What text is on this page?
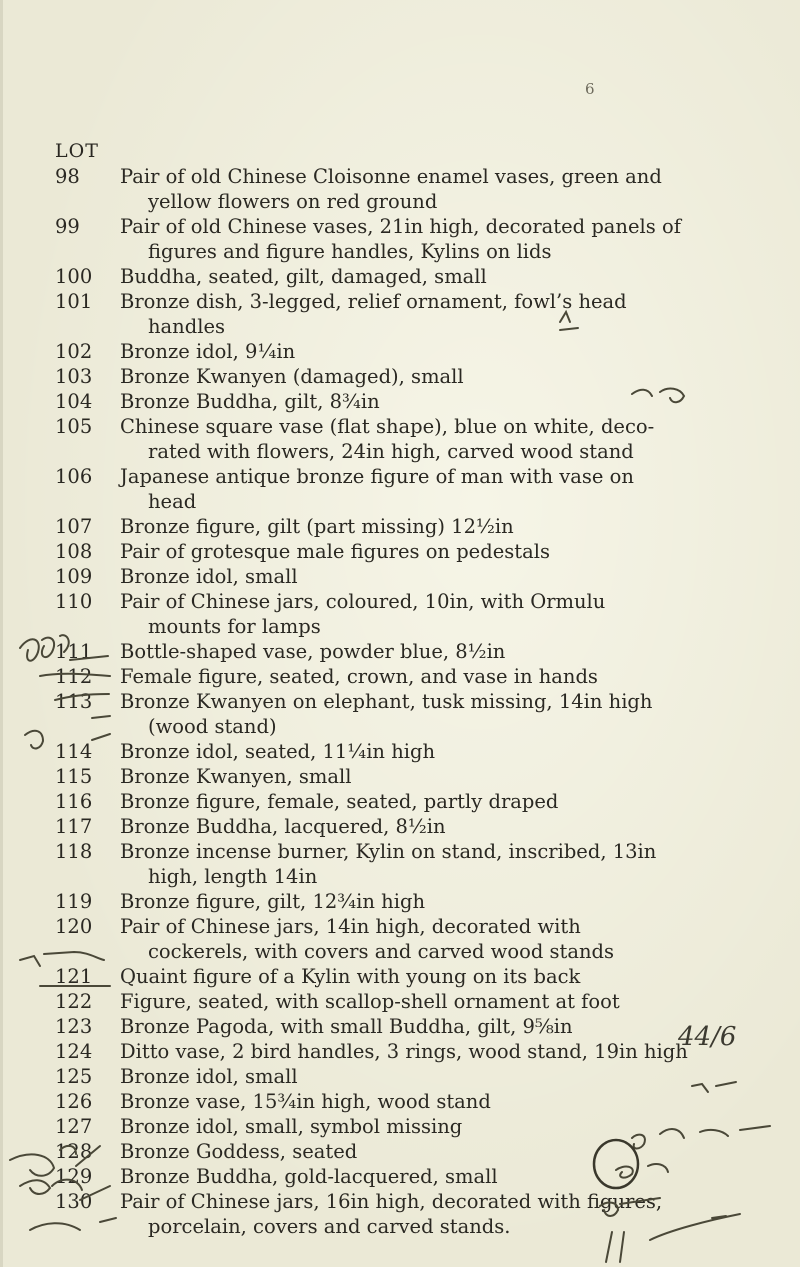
6
LOT
98	Pair of old Chinese Cloisonne enamel vases, green and
yellow flowers on red ground
99	Pair of old Chinese vases, 21in high, decorated panels of
figures and figure handles, Kylins on lids
100	Buddha, seated, gilt, damaged, small
101	Bronze dish, 3-legged, relief ornament, fowl’s head
handles
102	Bronze idol, 9¼in
103	Bronze Kwanyen (damaged), small
104	Bronze Buddha, gilt, 8¾in
105	Chinese square vase (flat shape), blue on white, deco-
rated with flowers, 24in high, carved wood stand
106	Japanese antique bronze figure of man with vase on
head
107	Bronze figure, gilt (part missing) 12½in
108	Pair of grotesque male figures on pedestals
109	Bronze idol, small
110	Pair of Chinese jars, coloured, 10in, with Ormulu
mounts for lamps
111	Bottle-shaped vase, powder blue, 8½in
112	Female figure, seated, crown, and vase in hands
113	Bronze Kwanyen on elephant, tusk missing, 14in high
(wood stand)
114	Bronze idol, seated, 11¼in high
115	Bronze Kwanyen, small
116	Bronze figure, female, seated, partly draped
117	Bronze Buddha, lacquered, 8½in
118	Bronze incense burner, Kylin on stand, inscribed, 13in
high, length 14in
119	Bronze figure, gilt, 12¾in high
120	Pair of Chinese jars, 14in high, decorated with
cockerels, with covers and carved wood stands
121	Quaint figure of a Kylin with young on its back
122	Figure, seated, with scallop-shell ornament at foot
123	Bronze Pagoda, with small Buddha, gilt, 9⅝in
124	Ditto vase, 2 bird handles, 3 rings, wood stand, 19in high
125	Bronze idol, small
126	Bronze vase, 15¾in high, wood stand
127	Bronze idol, small, symbol missing
128	Bronze Goddess, seated
129	Bronze Buddha, gold-lacquered, small
130	Pair of Chinese jars, 16in high, decorated with figures,
porcelain, covers and carved stands.
44/6
